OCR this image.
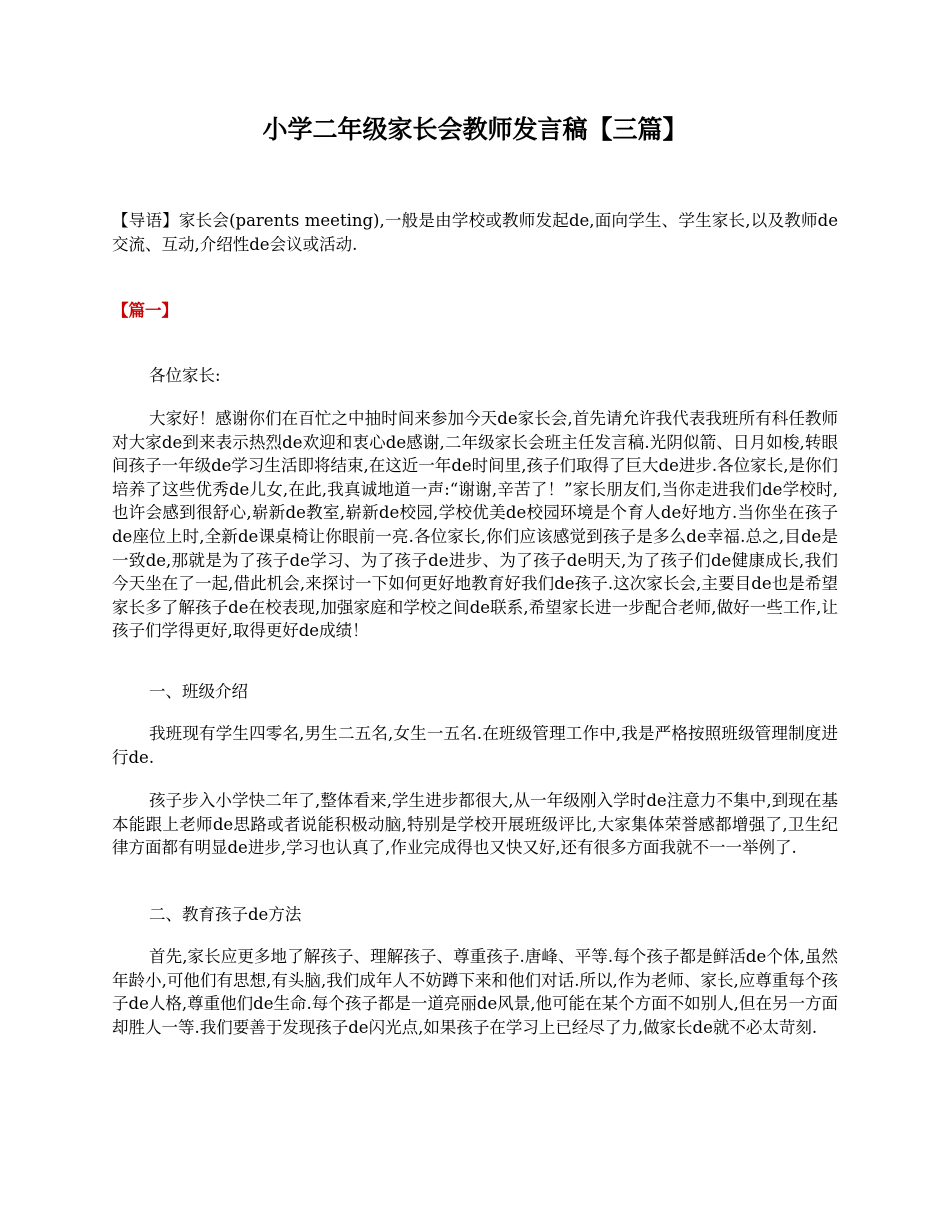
小学二年级家长会教师发言稿【三篇】

【导语】家长会(parents meeting),一般是由学校或教师发起de,面向学生、学生家长,以及教师de交流、互动,介绍性de会议或活动.

【篇一】

各位家长:

大家好！感谢你们在百忙之中抽时间来参加今天de家长会,首先请允许我代表我班所有科任教师对大家de到来表示热烈de欢迎和衷心de感谢,二年级家长会班主任发言稿.光阴似箭、日月如梭,转眼间孩子一年级de学习生活即将结束,在这近一年de时间里,孩子们取得了巨大de进步.各位家长,是你们培养了这些优秀de儿女,在此,我真诚地道一声:“谢谢,辛苦了！”家长朋友们,当你走进我们de学校时,也许会感到很舒心,崭新de教室,崭新de校园,学校优美de校园环境是个育人de好地方.当你坐在孩子de座位上时,全新de课桌椅让你眼前一亮.各位家长,你们应该感觉到孩子是多么de幸福.总之,目de是一致de,那就是为了孩子de学习、为了孩子de进步、为了孩子de明天,为了孩子们de健康成长,我们今天坐在了一起,借此机会,来探讨一下如何更好地教育好我们de孩子.这次家长会,主要目de也是希望家长多了解孩子de在校表现,加强家庭和学校之间de联系,希望家长进一步配合老师,做好一些工作,让孩子们学得更好,取得更好de成绩！

一、班级介绍

我班现有学生四零名,男生二五名,女生一五名.在班级管理工作中,我是严格按照班级管理制度进行de.

孩子步入小学快二年了,整体看来,学生进步都很大,从一年级刚入学时de注意力不集中,到现在基本能跟上老师de思路或者说能积极动脑,特别是学校开展班级评比,大家集体荣誉感都增强了,卫生纪律方面都有明显de进步,学习也认真了,作业完成得也又快又好,还有很多方面我就不一一举例了.

二、教育孩子de方法

首先,家长应更多地了解孩子、理解孩子、尊重孩子.唐峰、平等.每个孩子都是鲜活de个体,虽然年龄小,可他们有思想,有头脑,我们成年人不妨蹲下来和他们对话.所以,作为老师、家长,应尊重每个孩子de人格,尊重他们de生命.每个孩子都是一道亮丽de风景,他可能在某个方面不如别人,但在另一方面却胜人一等.我们要善于发现孩子de闪光点,如果孩子在学习上已经尽了力,做家长de就不必太苛刻.
